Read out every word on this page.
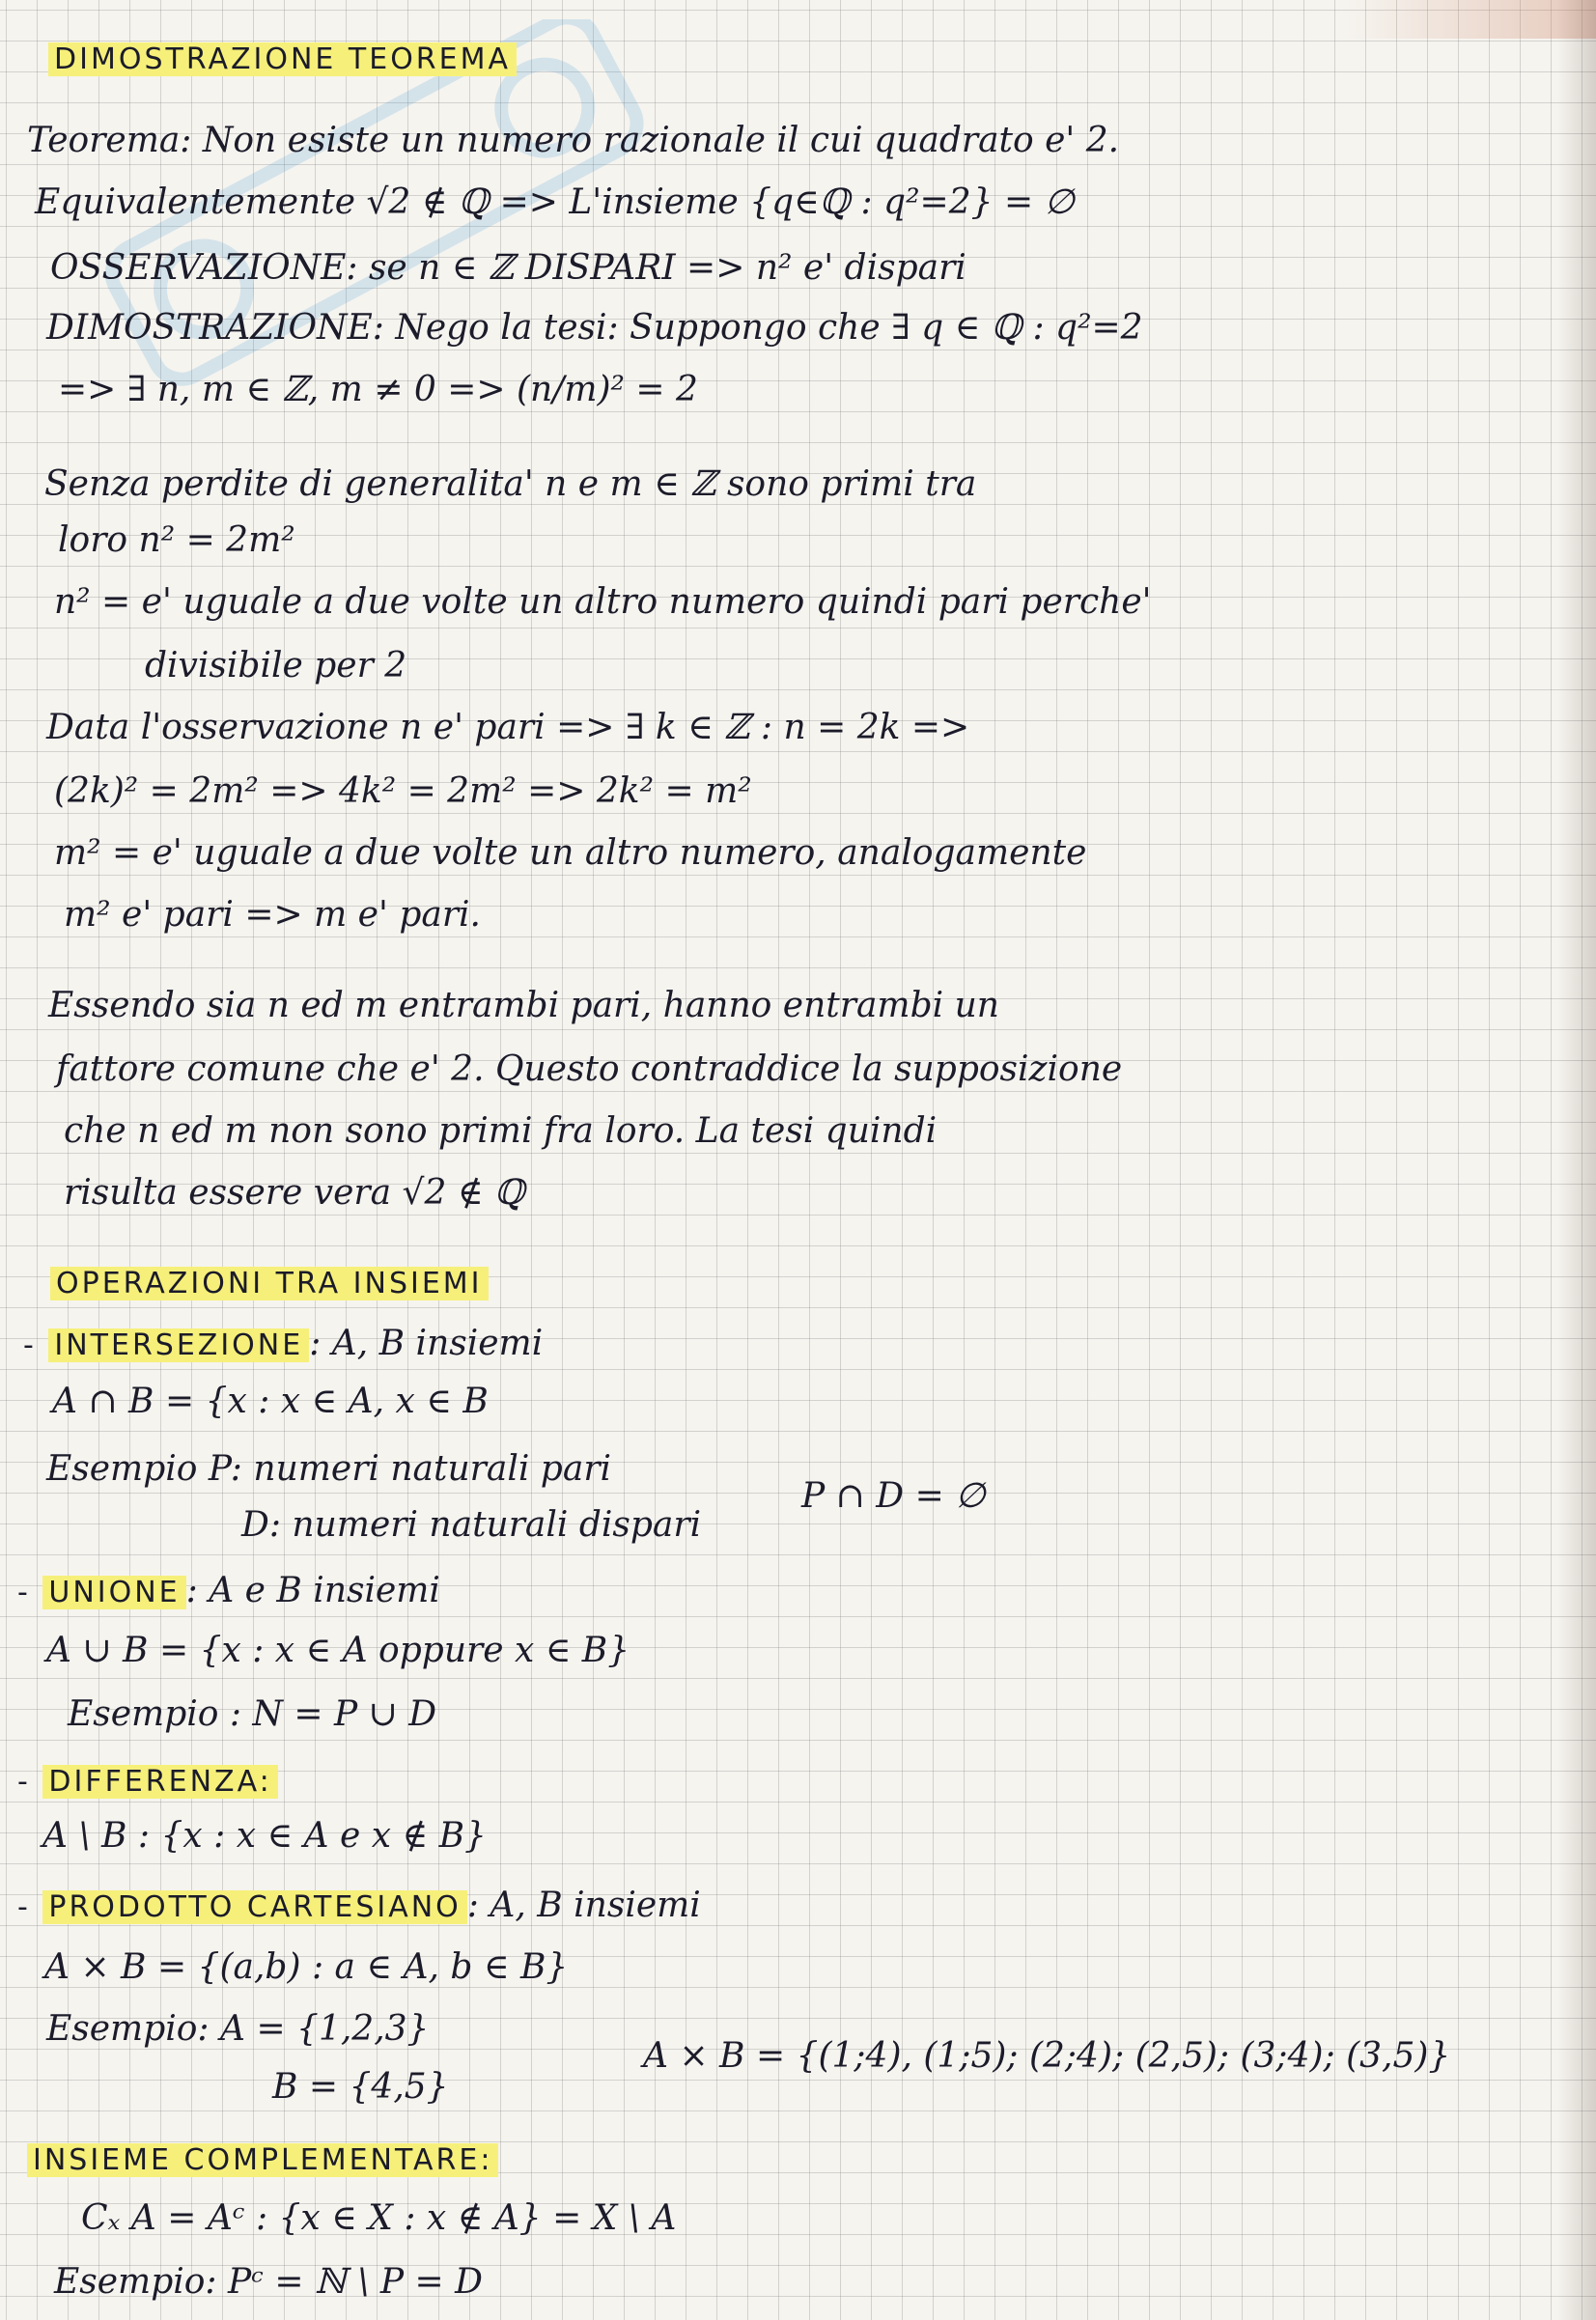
DIMOSTRAZIONE TEOREMA
Teorema: Non esiste un numero razionale il cui quadrato e' 2.
Equivalentemente √2 ∉ ℚ => L'insieme {q∈ℚ : q²=2} = ∅
OSSERVAZIONE: se n ∈ ℤ DISPARI => n² e' dispari
DIMOSTRAZIONE: Nego la tesi: Suppongo che ∃ q ∈ ℚ : q²=2
=> ∃ n, m ∈ ℤ, m ≠ 0 => (n/m)² = 2
Senza perdite di generalita' n e m ∈ ℤ sono primi tra
loro n² = 2m²
n² = e' uguale a due volte un altro numero quindi pari perche'
divisibile per 2
Data l'osservazione n e' pari => ∃ k ∈ ℤ : n = 2k =>
(2k)² = 2m² => 4k² = 2m² => 2k² = m²
m² = e' uguale a due volte un altro numero, analogamente
m² e' pari => m e' pari.
Essendo sia n ed m entrambi pari, hanno entrambi un
fattore comune che e' 2. Questo contraddice la supposizione
che n ed m non sono primi fra loro. La tesi quindi
risulta essere vera √2 ∉ ℚ
OPERAZIONI TRA INSIEMI
- INTERSEZIONE : A, B insiemi
A ∩ B = {x : x ∈ A, x ∈ B
Esempio P: numeri naturali pari
D: numeri naturali dispari
P ∩ D = ∅
- UNIONE : A e B insiemi
A ∪ B = {x : x ∈ A oppure x ∈ B}
Esempio : N = P ∪ D
- DIFFERENZA:
A \ B : {x : x ∈ A e x ∉ B}
- PRODOTTO CARTESIANO : A, B insiemi
A × B = {(a,b) : a ∈ A, b ∈ B}
Esempio: A = {1,2,3}
B = {4,5}
A × B = {(1;4), (1;5); (2;4); (2,5); (3;4); (3,5)}
INSIEME COMPLEMENTARE:
Cₓ A = Aᶜ : {x ∈ X : x ∉ A} = X \ A
Esempio: Pᶜ = ℕ \ P = D
